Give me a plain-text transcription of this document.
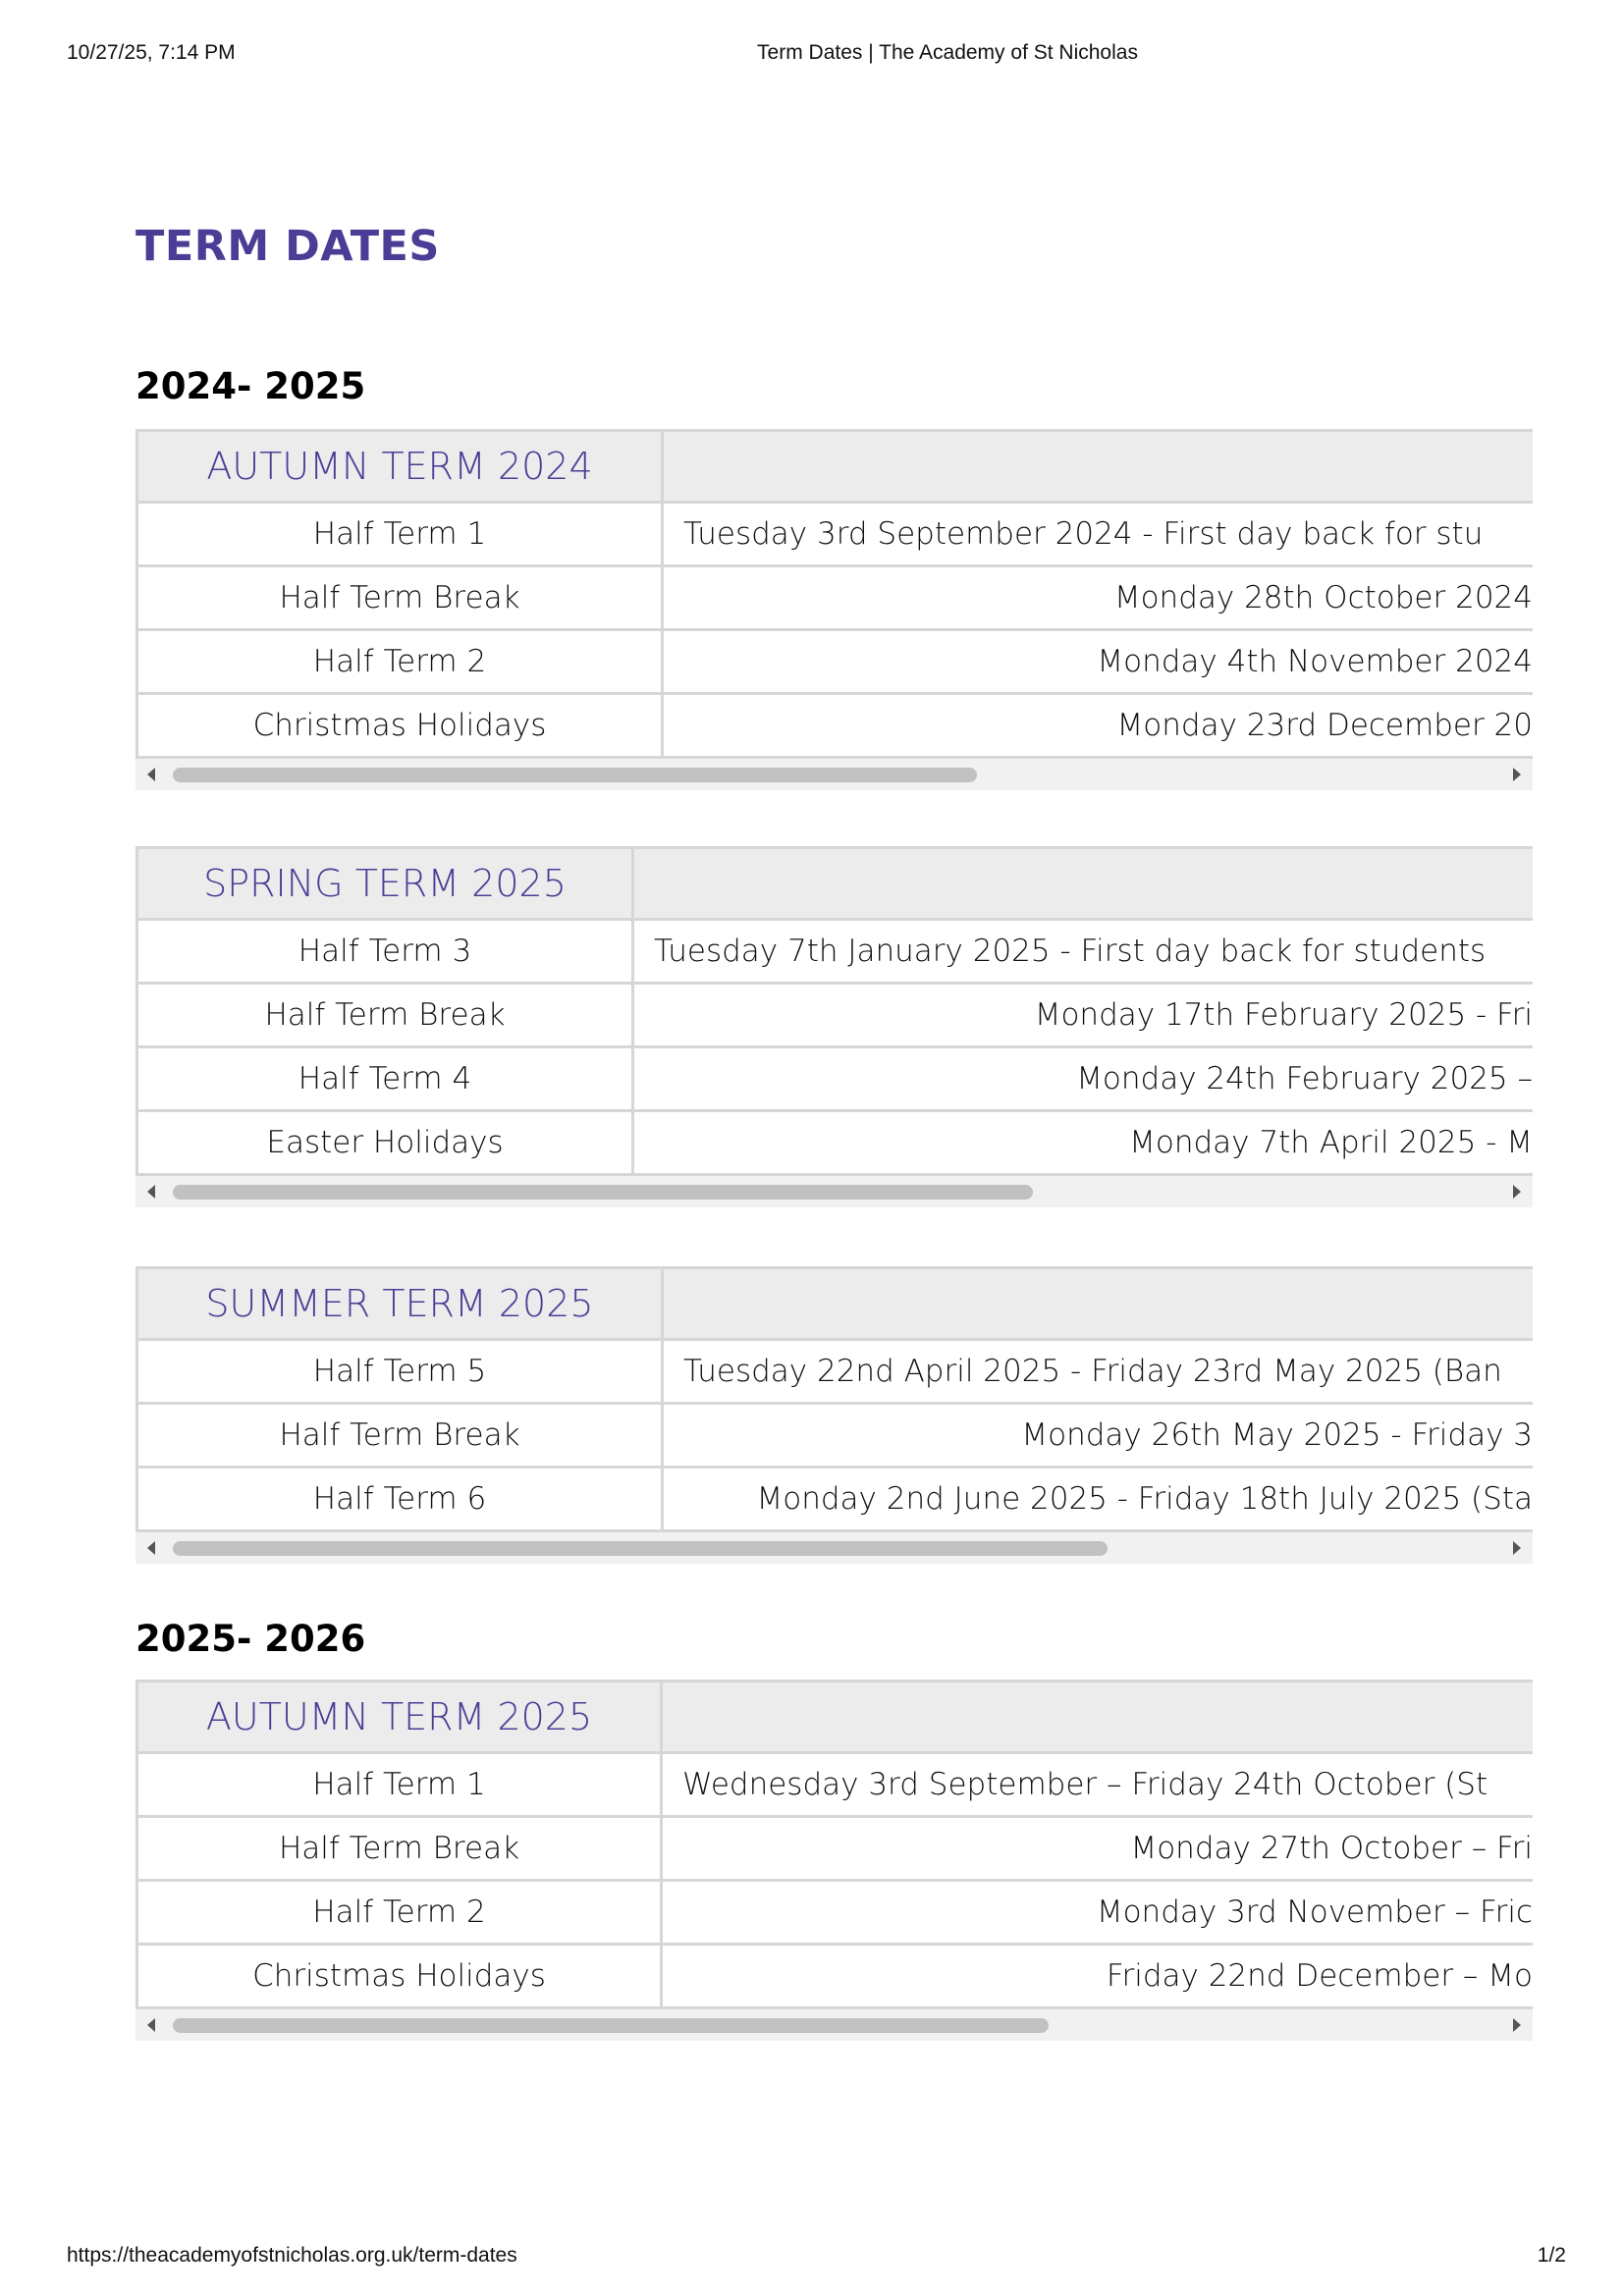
10/27/25, 7:14 PM	Term Dates | The Academy of St Nicholas
TERM DATES
2024- 2025
2025- 2026
AUTUMN TERM 2024
Half Term 1	Tuesday 3rd September 2024 - First day back for stu
Half Term Break	Monday 28th October 2024
Half Term 2	Monday 4th November 2024
Christmas Holidays	Monday 23rd December 20
SPRING TERM 2025
Half Term 3	Tuesday 7th January 2025 - First day back for students
Half Term Break	Monday 17th February 2025 - Fri
Half Term 4	Monday 24th February 2025 –
Easter Holidays	Monday 7th April 2025 - M
SUMMER TERM 2025
Half Term 5	Tuesday 22nd April 2025 - Friday 23rd May 2025 (Ban
Half Term Break	Monday 26th May 2025 - Friday 3
Half Term 6	Monday 2nd June 2025 - Friday 18th July 2025 (Sta
AUTUMN TERM 2025
Half Term 1	Wednesday 3rd September – Friday 24th October (St
Half Term Break	Monday 27th October – Fri
Half Term 2	Monday 3rd November – Fric
Christmas Holidays	Friday 22nd December – Mo
https://theacademyofstnicholas.org.uk/term-dates	1/2
